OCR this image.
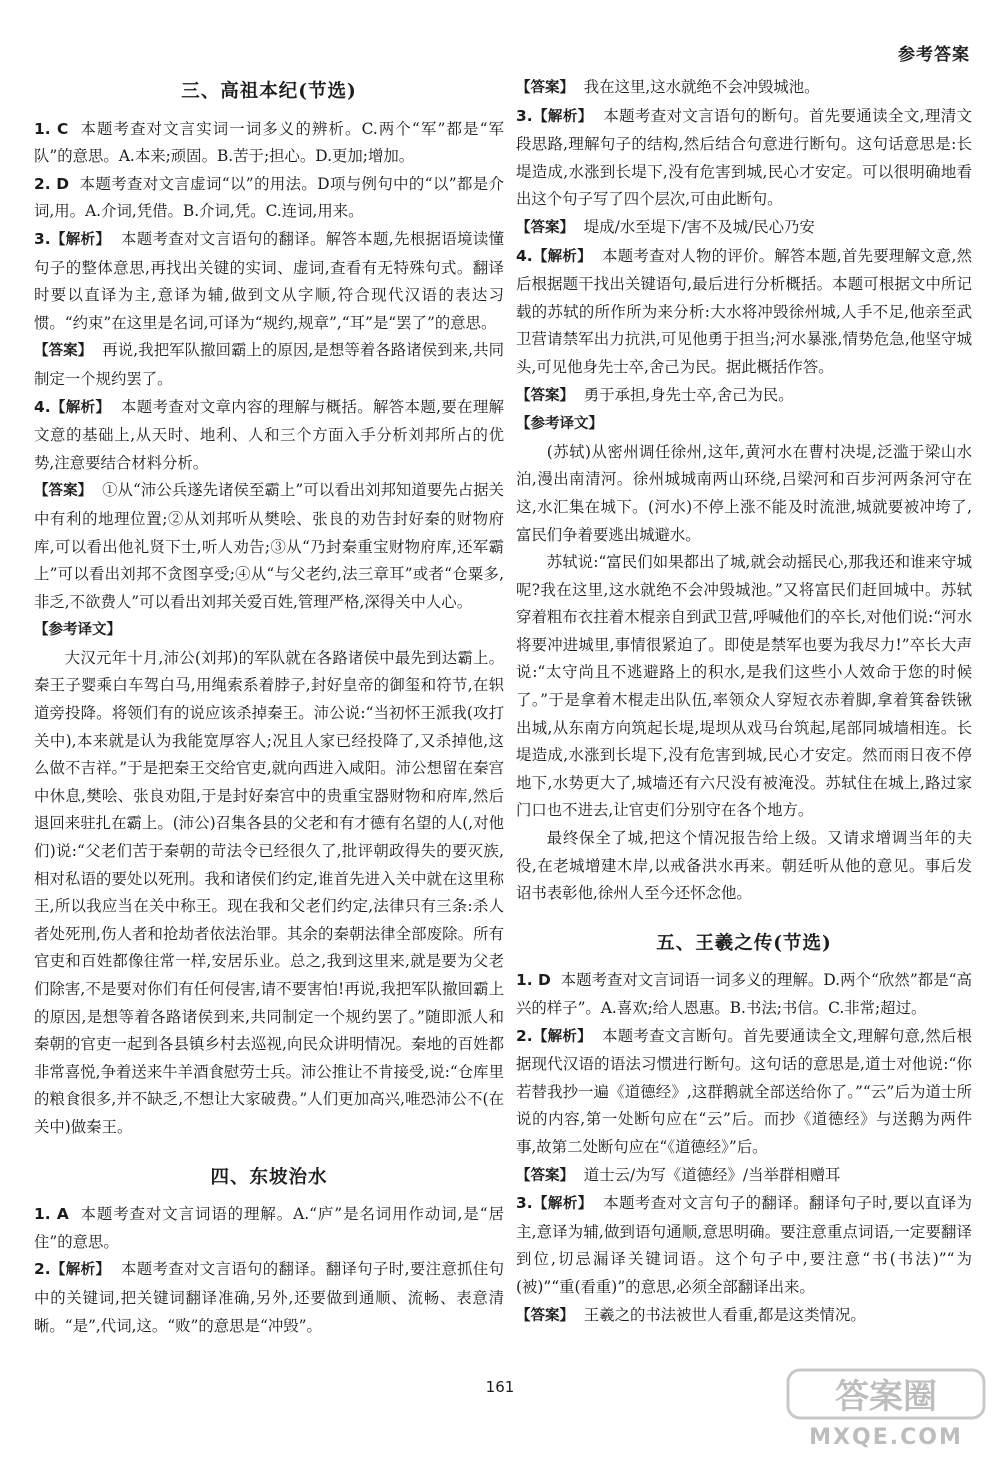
参考答案
三、高祖本纪(节选)

1. C 本题考查对文言实词一词多义的辨析。C.两个“军”都是“军队”的意思。A.本来;顽固。B.苦于;担心。D.更加;增加。

2. D 本题考查对文言虚词“以”的用法。D项与例句中的“以”都是介词,用。A.介词,凭借。B.介词,凭。C.连词,用来。

3.【解析】 本题考查对文言语句的翻译。解答本题,先根据语境读懂句子的整体意思,再找出关键的实词、虚词,查看有无特殊句式。翻译时要以直译为主,意译为辅,做到文从字顺,符合现代汉语的表达习惯。“约束”在这里是名词,可译为“规约,规章”,“耳”是“罢了”的意思。

【答案】 再说,我把军队撤回霸上的原因,是想等着各路诸侯到来,共同制定一个规约罢了。

4.【解析】 本题考查对文章内容的理解与概括。解答本题,要在理解文意的基础上,从天时、地利、人和三个方面入手分析刘邦所占的优势,注意要结合材料分析。

【答案】 ①从“沛公兵遂先诸侯至霸上”可以看出刘邦知道要先占据关中有利的地理位置;②从刘邦听从樊哙、张良的劝告封好秦的财物府库,可以看出他礼贤下士,听人劝告;③从“乃封秦重宝财物府库,还军霸上”可以看出刘邦不贪图享受;④从“与父老约,法三章耳”或者“仓粟多,非乏,不欲费人”可以看出刘邦关爱百姓,管理严格,深得关中人心。

【参考译文】

大汉元年十月,沛公(刘邦)的军队就在各路诸侯中最先到达霸上。秦王子婴乘白车驾白马,用绳索系着脖子,封好皇帝的御玺和符节,在轵道旁投降。将领们有的说应该杀掉秦王。沛公说:“当初怀王派我(攻打关中),本来就是认为我能宽厚容人;况且人家已经投降了,又杀掉他,这么做不吉祥。”于是把秦王交给官吏,就向西进入咸阳。沛公想留在秦宫中休息,樊哙、张良劝阻,于是封好秦宫中的贵重宝器财物和府库,然后退回来驻扎在霸上。(沛公)召集各县的父老和有才德有名望的人(,对他们)说:“父老们苦于秦朝的苛法令已经很久了,批评朝政得失的要灭族,相对私语的要处以死刑。我和诸侯们约定,谁首先进入关中就在这里称王,所以我应当在关中称王。现在我和父老们约定,法律只有三条:杀人者处死刑,伤人者和抢劫者依法治罪。其余的秦朝法律全部废除。所有官吏和百姓都像往常一样,安居乐业。总之,我到这里来,就是要为父老们除害,不是要对你们有任何侵害,请不要害怕!再说,我把军队撤回霸上的原因,是想等着各路诸侯到来,共同制定一个规约罢了。”随即派人和秦朝的官吏一起到各县镇乡村去巡视,向民众讲明情况。秦地的百姓都非常喜悦,争着送来牛羊酒食慰劳士兵。沛公推让不肯接受,说:“仓库里的粮食很多,并不缺乏,不想让大家破费。”人们更加高兴,唯恐沛公不(在关中)做秦王。

四、东坡治水

1. A 本题考查对文言词语的理解。A.“庐”是名词用作动词,是“居住”的意思。

2.【解析】 本题考查对文言语句的翻译。翻译句子时,要注意抓住句中的关键词,把关键词翻译准确,另外,还要做到通顺、流畅、表意清晰。“是”,代词,这。“败”的意思是“冲毁”。

【答案】 我在这里,这水就绝不会冲毁城池。

3.【解析】 本题考查对文言语句的断句。首先要通读全文,理清文段思路,理解句子的结构,然后结合句意进行断句。这句话意思是:长堤造成,水涨到长堤下,没有危害到城,民心才安定。可以很明确地看出这个句子写了四个层次,可由此断句。

【答案】 堤成/水至堤下/害不及城/民心乃安

4.【解析】 本题考查对人物的评价。解答本题,首先要理解文意,然后根据题干找出关键语句,最后进行分析概括。本题可根据文中所记载的苏轼的所作所为来分析:大水将冲毁徐州城,人手不足,他亲至武卫营请禁军出力抗洪,可见他勇于担当;河水暴涨,情势危急,他坚守城头,可见他身先士卒,舍己为民。据此概括作答。

【答案】 勇于承担,身先士卒,舍己为民。

【参考译文】

(苏轼)从密州调任徐州,这年,黄河水在曹村决堤,泛滥于梁山水泊,漫出南清河。徐州城城南两山环绕,吕梁河和百步河两条河守在这,水汇集在城下。(河水)不停上涨不能及时流泄,城就要被冲垮了,富民们争着要逃出城避水。

苏轼说:“富民们如果都出了城,就会动摇民心,那我还和谁来守城呢?我在这里,这水就绝不会冲毁城池。”又将富民们赶回城中。苏轼穿着粗布衣拄着木棍亲自到武卫营,呼喊他们的卒长,对他们说:“河水将要冲进城里,事情很紧迫了。即使是禁军也要为我尽力!”卒长大声说:“太守尚且不逃避路上的积水,是我们这些小人效命于您的时候了。”于是拿着木棍走出队伍,率领众人穿短衣赤着脚,拿着箕畚铁锹出城,从东南方向筑起长堤,堤坝从戏马台筑起,尾部同城墙相连。长堤造成,水涨到长堤下,没有危害到城,民心才安定。然而雨日夜不停地下,水势更大了,城墙还有六尺没有被淹没。苏轼住在城上,路过家门口也不进去,让官吏们分别守在各个地方。

最终保全了城,把这个情况报告给上级。又请求增调当年的夫役,在老城增建木岸,以戒备洪水再来。朝廷听从他的意见。事后发诏书表彰他,徐州人至今还怀念他。

五、王羲之传(节选)

1. D 本题考查对文言词语一词多义的理解。D.两个“欣然”都是“高兴的样子”。A.喜欢;给人恩惠。B.书法;书信。C.非常;超过。

2.【解析】 本题考查文言断句。首先要通读全文,理解句意,然后根据现代汉语的语法习惯进行断句。这句话的意思是,道士对他说:“你若替我抄一遍《道德经》,这群鹅就全部送给你了。”“云”后为道士所说的内容,第一处断句应在“云”后。而抄《道德经》与送鹅为两件事,故第二处断句应在“《道德经》”后。

【答案】 道士云/为写《道德经》/当举群相赠耳

3.【解析】 本题考查对文言句子的翻译。翻译句子时,要以直译为主,意译为辅,做到语句通顺,意思明确。要注意重点词语,一定要翻译到位,切忌漏译关键词语。这个句子中,要注意“书(书法)”“为(被)”“重(看重)”的意思,必须全部翻译出来。

【答案】 王羲之的书法被世人看重,都是这类情况。

161	答案圈
MXQE.COM
